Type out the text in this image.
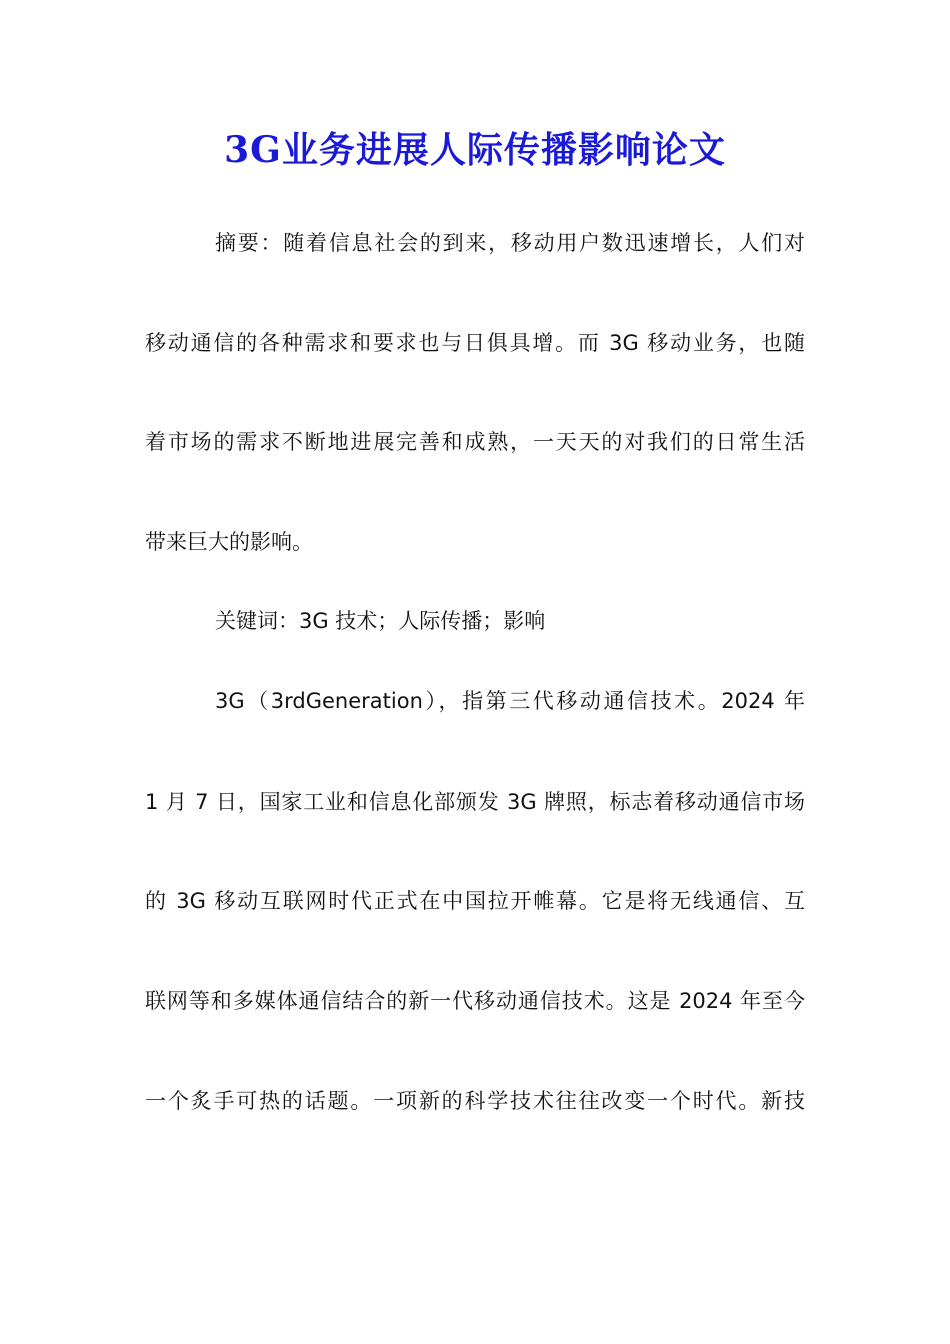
3G业务进展人际传播影响论文

摘要：随着信息社会的到来，移动用户数迅速增长，人们对

移动通信的各种需求和要求也与日俱具增。而 3G 移动业务，也随

着市场的需求不断地进展完善和成熟，一天天的对我们的日常生活

带来巨大的影响。

关键词：3G 技术；人际传播；影响

3G（3rdGeneration），指第三代移动通信技术。2024 年

1 月 7 日，国家工业和信息化部颁发 3G 牌照，标志着移动通信市场

的 3G 移动互联网时代正式在中国拉开帷幕。它是将无线通信、互

联网等和多媒体通信结合的新一代移动通信技术。这是 2024 年至今

一个炙手可热的话题。一项新的科学技术往往改变一个时代。新技
